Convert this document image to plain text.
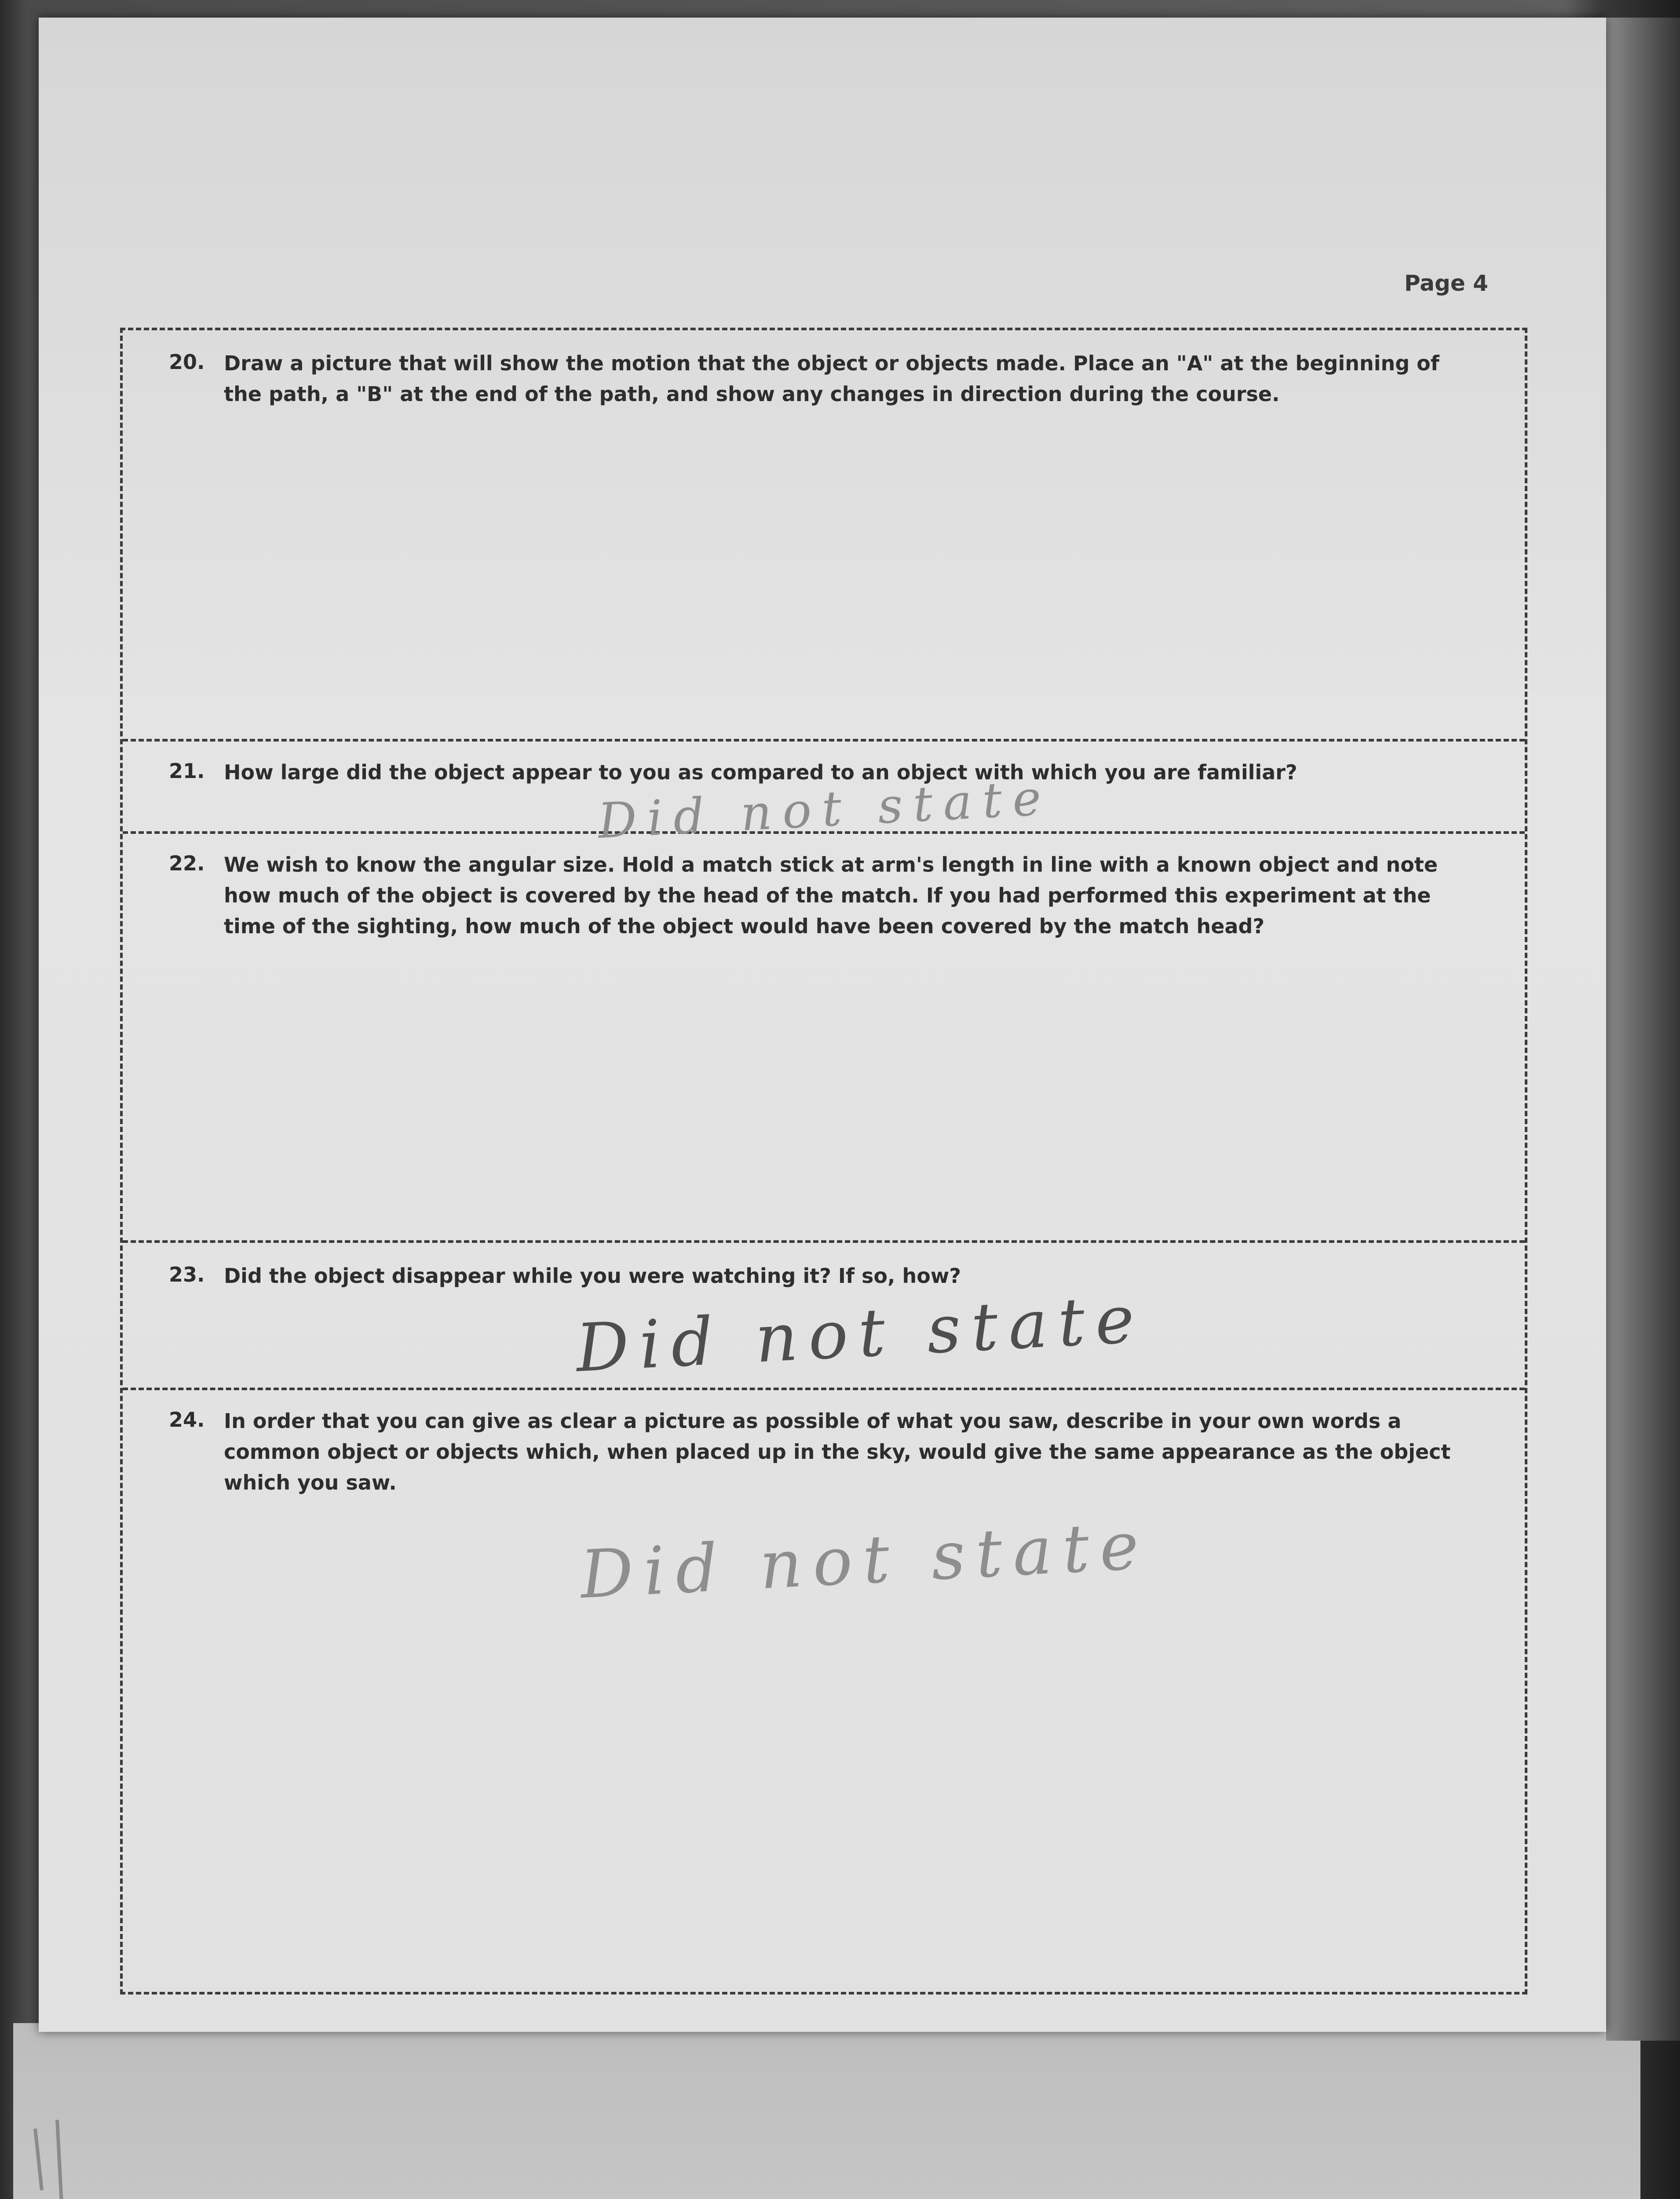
Page 4
20. Draw a picture that will show the motion that the object or objects made. Place an "A" at the beginning of the path, a "B" at the end of the path, and show any changes in direction during the course.
21. How large did the object appear to you as compared to an object with which you are familiar?
Did not state
22. We wish to know the angular size. Hold a match stick at arm's length in line with a known object and note how much of the object is covered by the head of the match. If you had performed this experiment at the time of the sighting, how much of the object would have been covered by the match head?
23. Did the object disappear while you were watching it? If so, how?
Did not state
24. In order that you can give as clear a picture as possible of what you saw, describe in your own words a common object or objects which, when placed up in the sky, would give the same appearance as the object which you saw.
Did not state
